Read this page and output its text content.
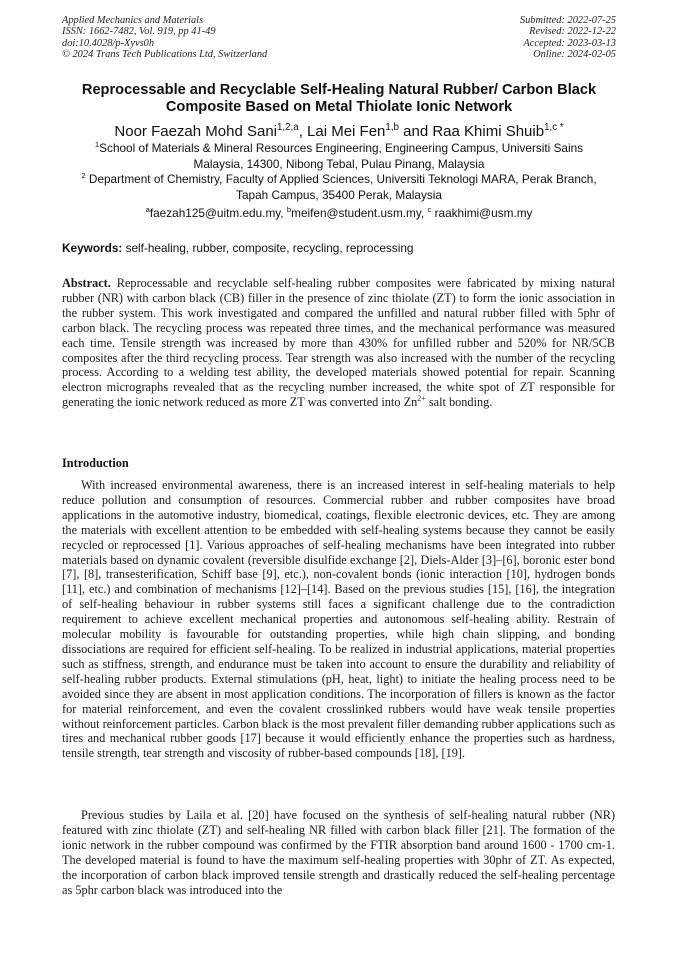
Applied Mechanics and Materials
ISSN: 1662-7482, Vol. 919, pp 41-49
doi:10.4028/p-Xyvs0h
© 2024 Trans Tech Publications Ltd, Switzerland
Submitted: 2022-07-25
Revised: 2022-12-22
Accepted: 2023-03-13
Online: 2024-02-05
Reprocessable and Recyclable Self-Healing Natural Rubber/ Carbon Black Composite Based on Metal Thiolate Ionic Network
Noor Faezah Mohd Sani$^{1,2,a}$, Lai Mei Fen$^{1,b}$ and Raa Khimi Shuib$^{1,c *}$
$^1$School of Materials & Mineral Resources Engineering, Engineering Campus, Universiti Sains Malaysia, 14300, Nibong Tebal, Pulau Pinang, Malaysia
$^2$ Department of Chemistry, Faculty of Applied Sciences, Universiti Teknologi MARA, Perak Branch, Tapah Campus, 35400 Perak, Malaysia
$^a$faezah125@uitm.edu.my, $^b$meifen@student.usm.my, $^c$ raakhimi@usm.my
Keywords: self-healing, rubber, composite, recycling, reprocessing

Abstract. Reprocessable and recyclable self-healing rubber composites were fabricated by mixing natural rubber (NR) with carbon black (CB) filler in the presence of zinc thiolate (ZT) to form the ionic association in the rubber system. This work investigated and compared the unfilled and natural rubber filled with 5phr of carbon black. The recycling process was repeated three times, and the mechanical performance was measured each time. Tensile strength was increased by more than 430% for unfilled rubber and 520% for NR/5CB composites after the third recycling process. Tear strength was also increased with the number of the recycling process. According to a welding test ability, the developed materials showed potential for repair. Scanning electron micrographs revealed that as the recycling number increased, the white spot of ZT responsible for generating the ionic network reduced as more ZT was converted into $Zn^{2+}$ salt bonding.

Introduction

With increased environmental awareness, there is an increased interest in self-healing materials to help reduce pollution and consumption of resources. Commercial rubber and rubber composites have broad applications in the automotive industry, biomedical, coatings, flexible electronic devices, etc. They are among the materials with excellent attention to be embedded with self-healing systems because they cannot be easily recycled or reprocessed [1]. Various approaches of self-healing mechanisms have been integrated into rubber materials based on dynamic covalent (reversible disulfide exchange [2], Diels-Alder [3]–[6], boronic ester bond [7], [8], transesterification, Schiff base [9], etc.), non-covalent bonds (ionic interaction [10], hydrogen bonds [11], etc.) and combination of mechanisms [12]–[14]. Based on the previous studies [15], [16], the integration of self-healing behaviour in rubber systems still faces a significant challenge due to the contradiction requirement to achieve excellent mechanical properties and autonomous self-healing ability. Restrain of molecular mobility is favourable for outstanding properties, while high chain slipping, and bonding dissociations are required for efficient self-healing. To be realized in industrial applications, material properties such as stiffness, strength, and endurance must be taken into account to ensure the durability and reliability of self-healing rubber products. External stimulations (pH, heat, light) to initiate the healing process need to be avoided since they are absent in most application conditions. The incorporation of fillers is known as the factor for material reinforcement, and even the covalent crosslinked rubbers would have weak tensile properties without reinforcement particles. Carbon black is the most prevalent filler demanding rubber applications such as tires and mechanical rubber goods [17] because it would efficiently enhance the properties such as hardness, tensile strength, tear strength and viscosity of rubber-based compounds [18], [19].

Previous studies by Laila et al. [20] have focused on the synthesis of self-healing natural rubber (NR) featured with zinc thiolate (ZT) and self-healing NR filled with carbon black filler [21]. The formation of the ionic network in the rubber compound was confirmed by the FTIR absorption band around 1600 - 1700 cm-1. The developed material is found to have the maximum self-healing properties with 30phr of ZT. As expected, the incorporation of carbon black improved tensile strength and drastically reduced the self-healing percentage as 5phr carbon black was introduced into the
